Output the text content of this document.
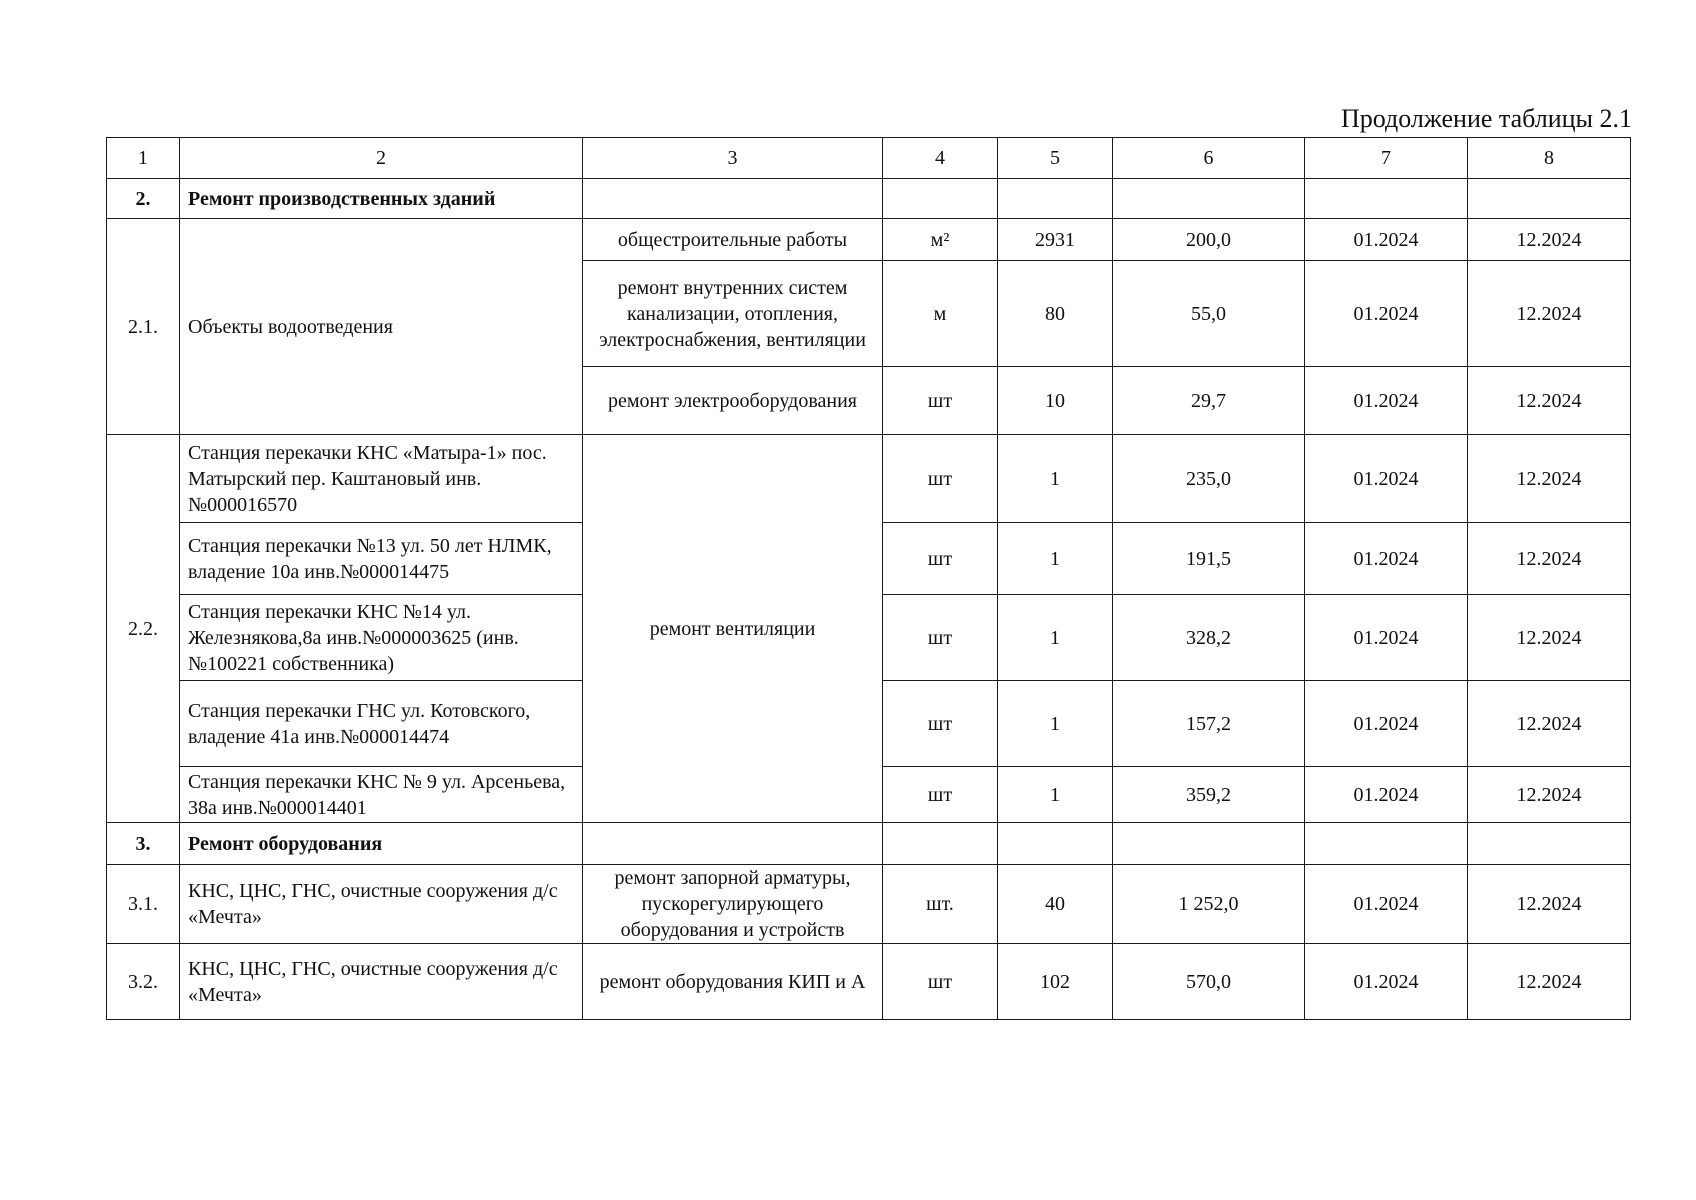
Продолжение таблицы 2.1
1	2	3	4	5	6	7	8
2.	Ремонт производственных зданий						
2.1.	Объекты водоотведения	общестроительные работы	м²	2931	200,0	01.2024	12.2024
		ремонт внутренних систем канализации, отопления, электроснабжения, вентиляции	м	80	55,0	01.2024	12.2024
		ремонт электрооборудования	шт	10	29,7	01.2024	12.2024
2.2.	Станция перекачки КНС «Матыра-1» пос. Матырский пер. Каштановый инв.№000016570	ремонт вентиляции	шт	1	235,0	01.2024	12.2024
	Станция перекачки №13 ул. 50 лет НЛМК, владение 10а инв.№000014475		шт	1	191,5	01.2024	12.2024
	Станция перекачки КНС №14 ул. Железнякова,8а инв.№000003625 (инв.№100221 собственника)		шт	1	328,2	01.2024	12.2024
	Станция перекачки ГНС ул. Котовского, владение 41а инв.№000014474		шт	1	157,2	01.2024	12.2024
	Станция перекачки КНС № 9 ул. Арсеньева, 38а инв.№000014401		шт	1	359,2	01.2024	12.2024
3.	Ремонт оборудования						
3.1.	КНС, ЦНС, ГНС, очистные сооружения д/с «Мечта»	ремонт запорной арматуры, пускорегулирующего оборудования и устройств	шт.	40	1 252,0	01.2024	12.2024
3.2.	КНС, ЦНС, ГНС, очистные сооружения д/с «Мечта»	ремонт оборудования КИП и А	шт	102	570,0	01.2024	12.2024
